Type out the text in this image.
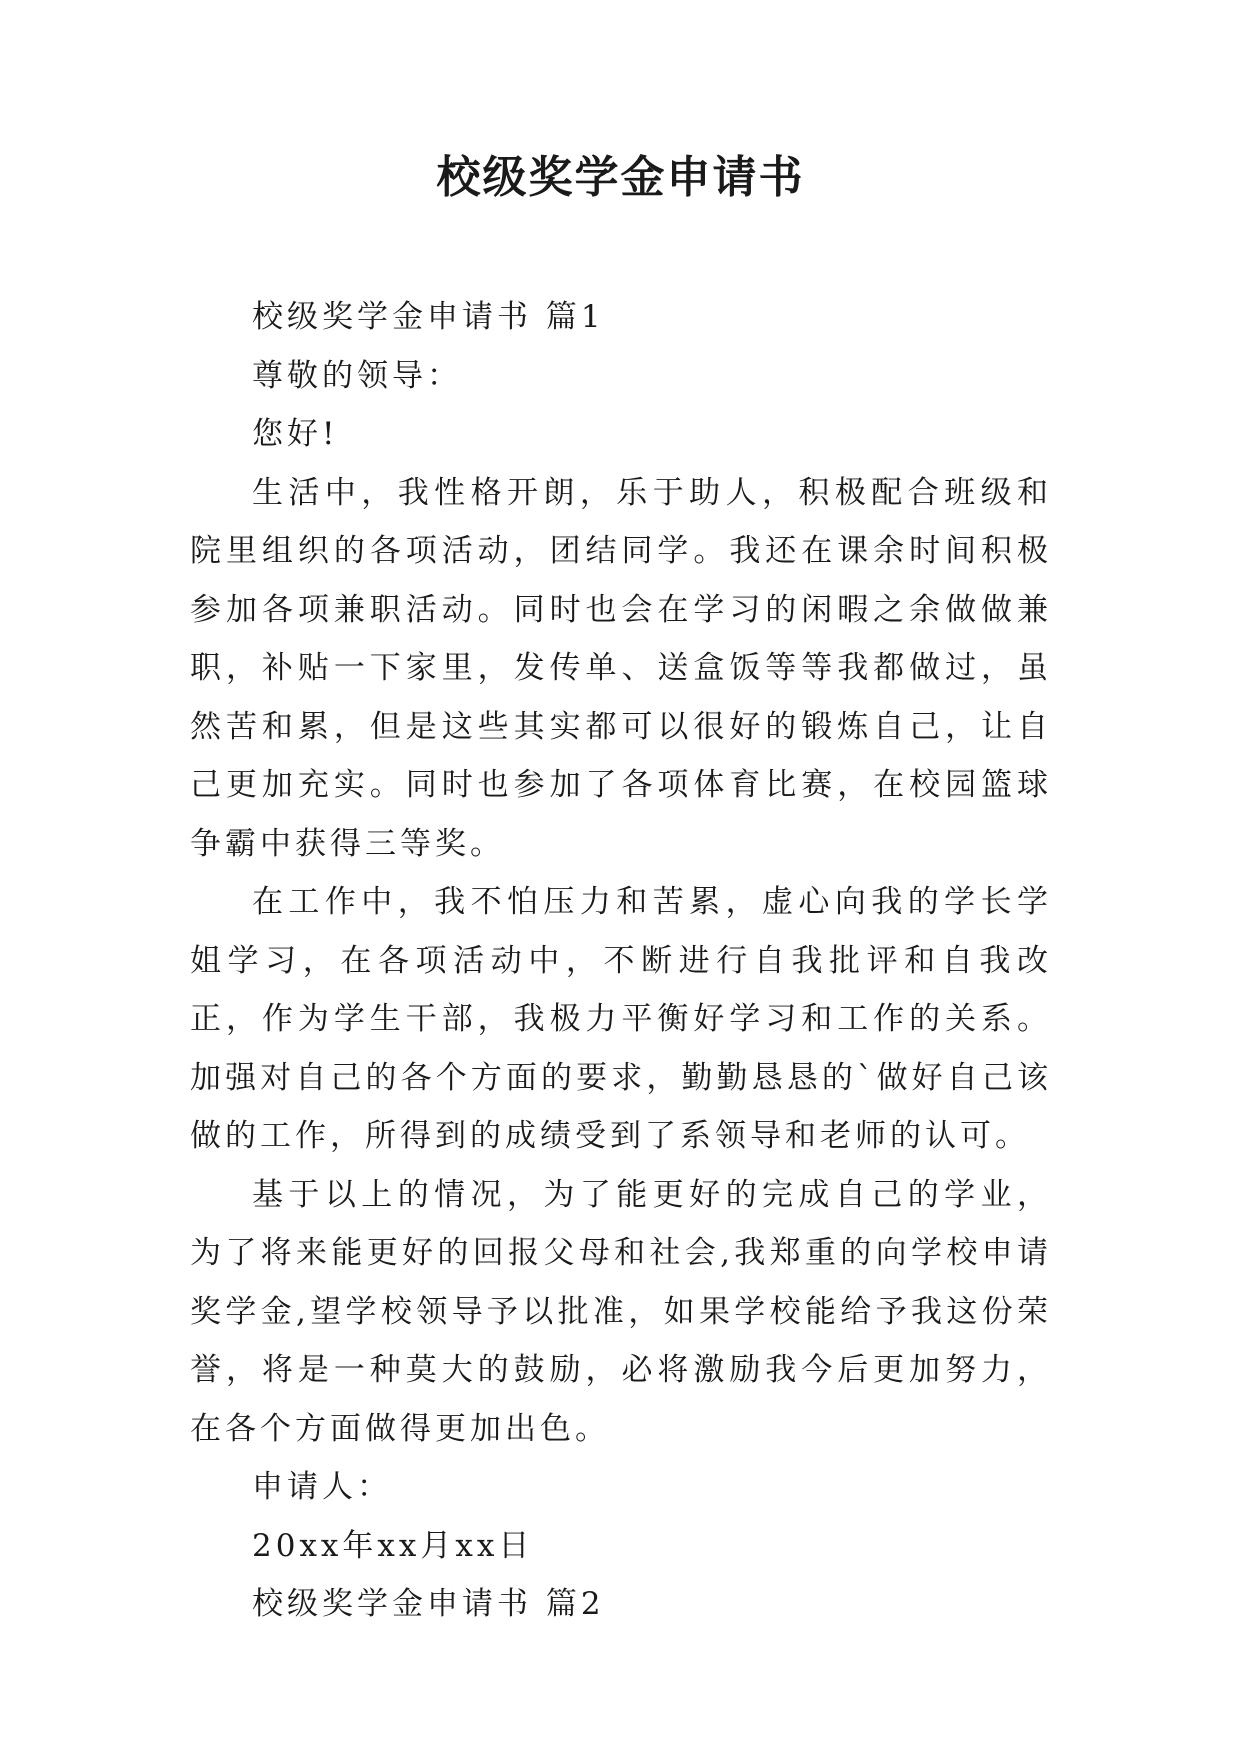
校级奖学金申请书

校级奖学金申请书 篇1

尊敬的领导：

您好!

生活中，我性格开朗，乐于助人，积极配合班级和院里组织的各项活动，团结同学。我还在课余时间积极参加各项兼职活动。同时也会在学习的闲暇之余做做兼职，补贴一下家里，发传单、送盒饭等等我都做过，虽然苦和累，但是这些其实都可以很好的锻炼自己，让自己更加充实。同时也参加了各项体育比赛，在校园篮球争霸中获得三等奖。

在工作中，我不怕压力和苦累，虚心向我的学长学姐学习，在各项活动中，不断进行自我批评和自我改正，作为学生干部，我极力平衡好学习和工作的关系。加强对自己的各个方面的要求，勤勤恳恳的`做好自己该做的工作，所得到的成绩受到了系领导和老师的认可。

基于以上的情况，为了能更好的完成自己的学业，为了将来能更好的回报父母和社会,我郑重的向学校申请奖学金,望学校领导予以批准，如果学校能给予我这份荣誉，将是一种莫大的鼓励，必将激励我今后更加努力，在各个方面做得更加出色。

申请人：

20xx年xx月xx日

校级奖学金申请书 篇2
